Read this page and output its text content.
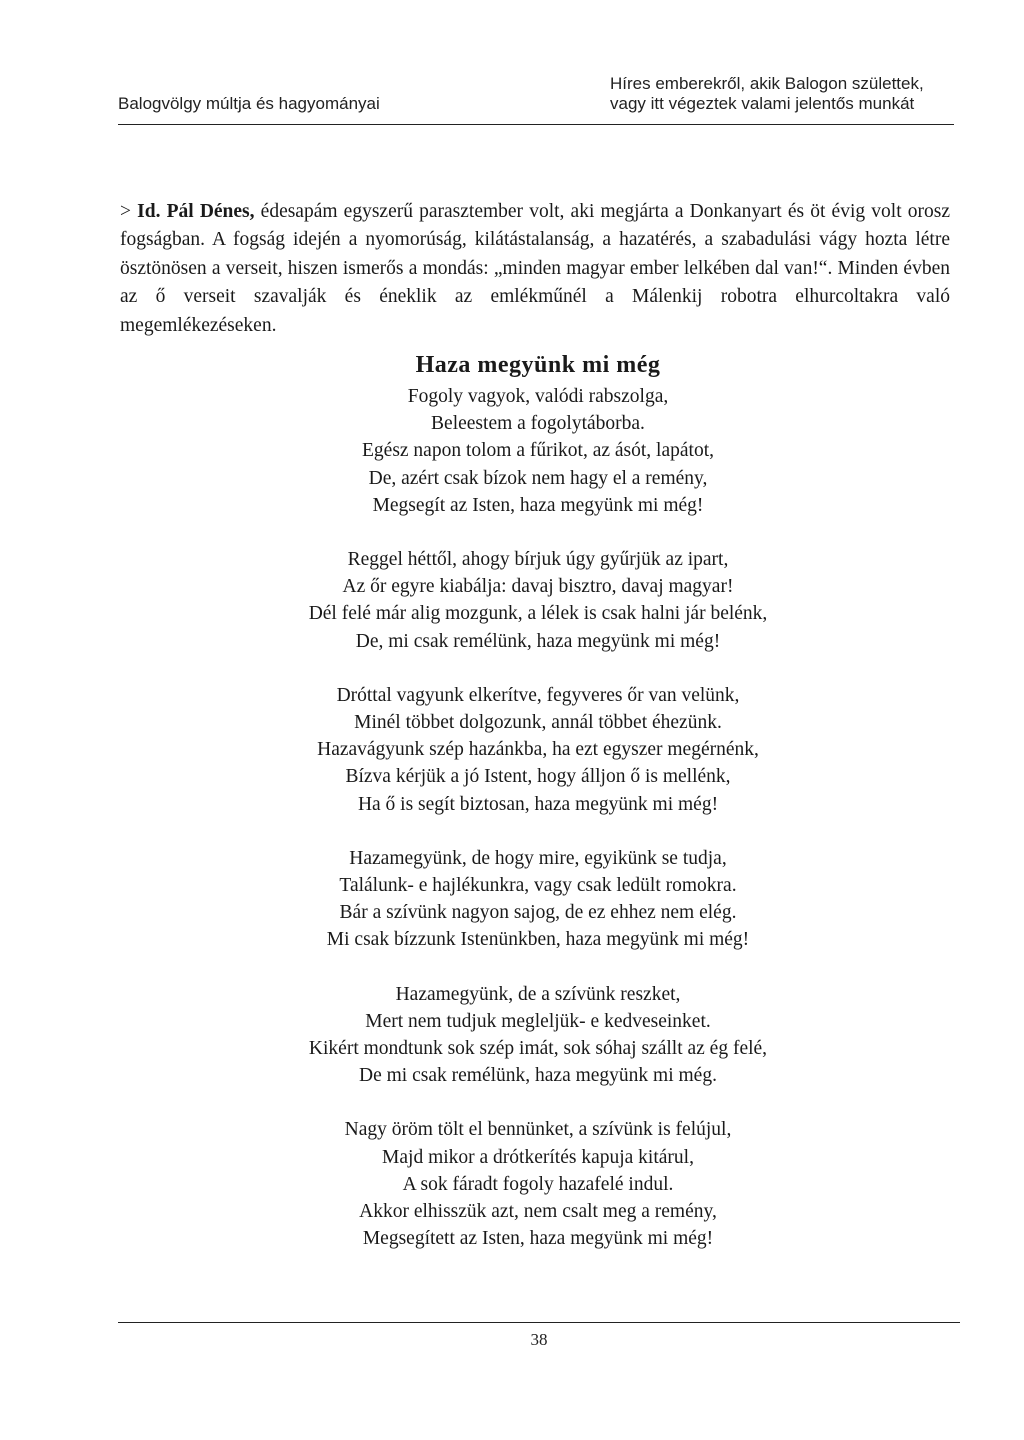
Balogvölgy múltja és hagyományai
Híres emberekről, akik Balogon születtek,
vagy itt végeztek valami jelentős munkát

> Id. Pál Dénes, édesapám egyszerű parasztember volt, aki megjárta a Donkanyart és öt évig volt orosz fogságban. A fogság idején a nyomorúság, kilátástalanság, a hazatérés, a szabadulási vágy hozta létre ösztönösen a verseit, hiszen ismerős a mondás: „minden magyar ember lelkében dal van!“. Minden évben az ő verseit szavalják és éneklik az emlékműnél a Málenkij robotra elhurcoltakra való megemlékezéseken.

Haza megyünk mi még
Fogoly vagyok, valódi rabszolga,
Beleestem a fogolytáborba.
Egész napon tolom a fűrikot, az ásót, lapátot,
De, azért csak bízok nem hagy el a remény,
Megsegít az Isten, haza megyünk mi még!
Reggel héttől, ahogy bírjuk úgy gyűrjük az ipart,
Az őr egyre kiabálja: davaj bisztro, davaj magyar!
Dél felé már alig mozgunk, a lélek is csak halni jár belénk,
De, mi csak remélünk, haza megyünk mi még!
Dróttal vagyunk elkerítve, fegyveres őr van velünk,
Minél többet dolgozunk, annál többet éhezünk.
Hazavágyunk szép hazánkba, ha ezt egyszer megérnénk,
Bízva kérjük a jó Istent, hogy álljon ő is mellénk,
Ha ő is segít biztosan, haza megyünk mi még!
Hazamegyünk, de hogy mire, egyikünk se tudja,
Találunk- e hajlékunkra, vagy csak ledült romokra.
Bár a szívünk nagyon sajog, de ez ehhez nem elég.
Mi csak bízzunk Istenünkben, haza megyünk mi még!
Hazamegyünk, de a szívünk reszket,
Mert nem tudjuk megleljük- e kedveseinket.
Kikért mondtunk sok szép imát, sok sóhaj szállt az ég felé,
De mi csak remélünk, haza megyünk mi még.
Nagy öröm tölt el bennünket, a szívünk is felújul,
Majd mikor a drótkerítés kapuja kitárul,
A sok fáradt fogoly hazafelé indul.
Akkor elhisszük azt, nem csalt meg a remény,
Megsegített az Isten, haza megyünk mi még!
38
